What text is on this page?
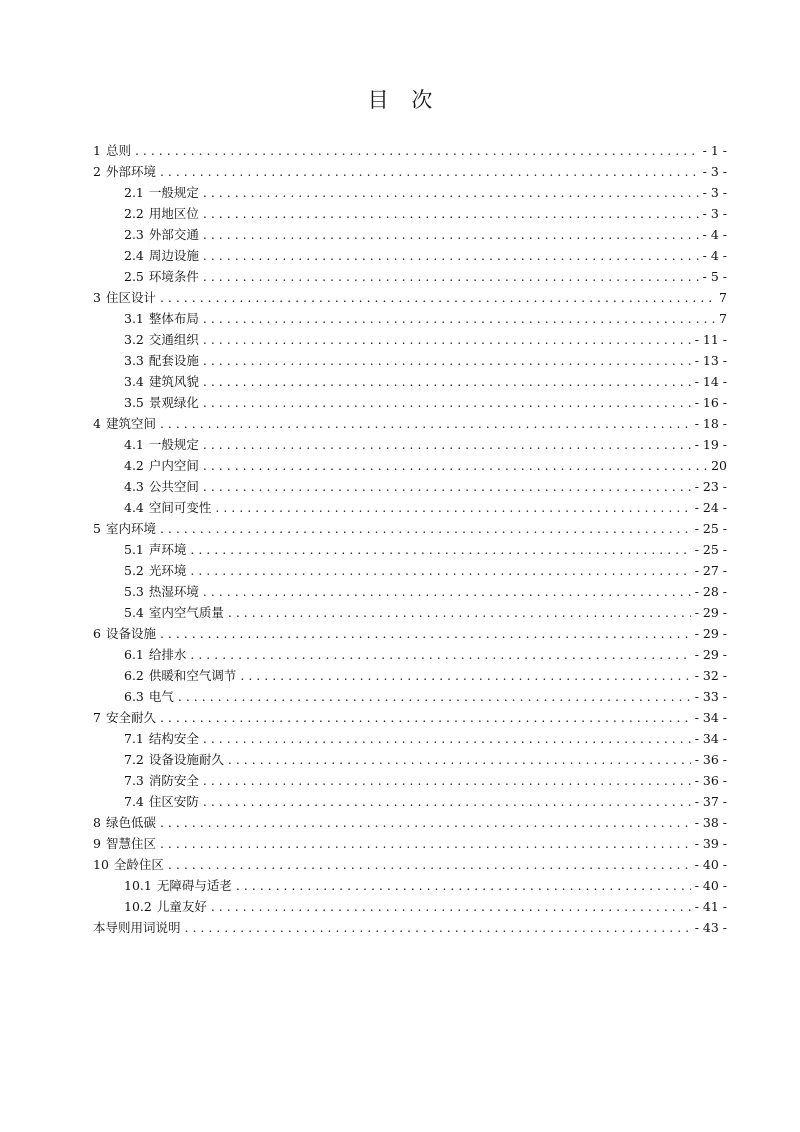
目 次
1 总则 . . .	- 1 -
2 外部环境 . . .	- 3 -
2.1 一般规定 . . .	- 3 -
2.2 用地区位 . . .	- 3 -
2.3 外部交通 . . .	- 4 -
2.4 周边设施 . . .	- 4 -
2.5 环境条件 . . .	- 5 -
3 住区设计 . . .	7
3.1 整体布局 . . .	7
3.2 交通组织 . . .	- 11 -
3.3 配套设施 . . .	- 13 -
3.4 建筑风貌 . . .	- 14 -
3.5 景观绿化 . . .	- 16 -
4 建筑空间 . . .	- 18 -
4.1 一般规定 . . .	- 19 -
4.2 户内空间 . . .	20
4.3 公共空间 . . .	- 23 -
4.4 空间可变性 . . .	- 24 -
5 室内环境 . . .	- 25 -
5.1 声环境 . . .	- 25 -
5.2 光环境 . . .	- 27 -
5.3 热湿环境 . . .	- 28 -
5.4 室内空气质量 . . .	- 29 -
6 设备设施 . . .	- 29 -
6.1 给排水 . . .	- 29 -
6.2 供暖和空气调节 . . .	- 32 -
6.3 电气 . . .	- 33 -
7 安全耐久 . . .	- 34 -
7.1 结构安全 . . .	- 34 -
7.2 设备设施耐久 . . .	- 36 -
7.3 消防安全 . . .	- 36 -
7.4 住区安防 . . .	- 37 -
8 绿色低碳 . . .	- 38 -
9 智慧住区 . . .	- 39 -
10 全龄住区 . . .	- 40 -
10.1 无障碍与适老 . . .	- 40 -
10.2 儿童友好 . . .	- 41 -
本导则用词说明 . . .	- 43 -
